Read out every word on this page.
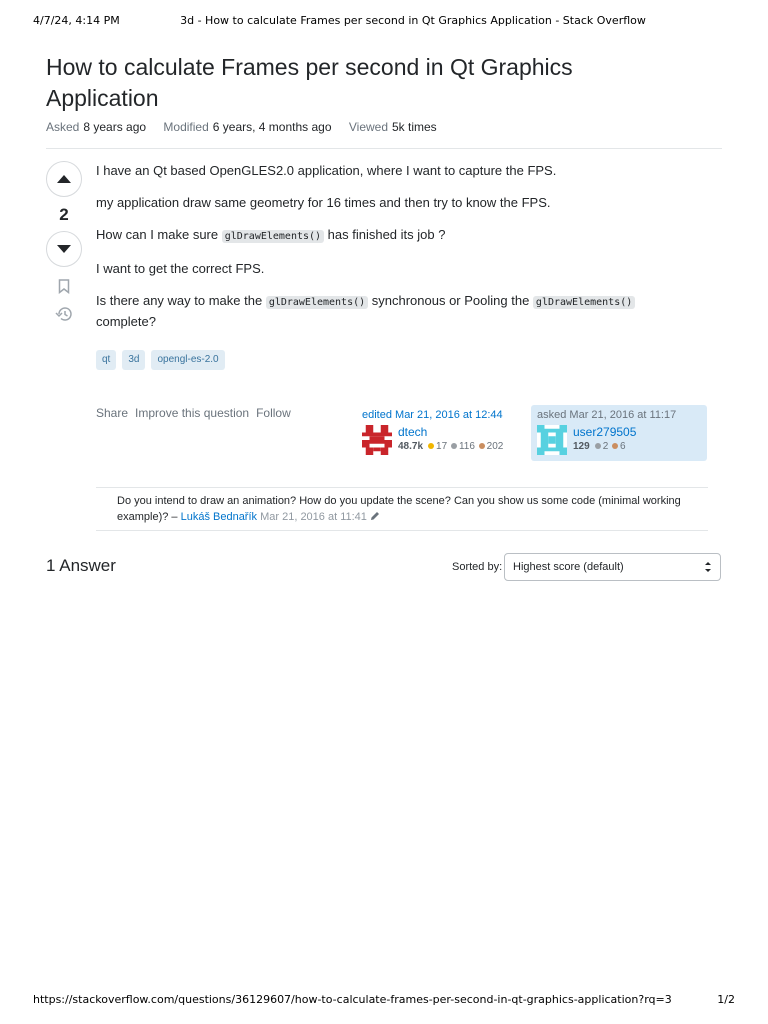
4/7/24, 4:14 PM	3d - How to calculate Frames per second in Qt Graphics Application - Stack Overflow
How to calculate Frames per second in Qt Graphics Application
Asked 8 years ago Modified 6 years, 4 months ago Viewed 5k times
2

I have an Qt based OpenGLES2.0 application, where I want to capture the FPS.

my application draw same geometry for 16 times and then try to know the FPS.

How can I make sure glDrawElements() has finished its job ?

I want to get the correct FPS.

Is there any way to make the glDrawElements() synchronous or Pooling the glDrawElements() complete?

qt	3d	opengl-es-2.0
Share Improve this question Follow	edited Mar 21, 2016 at 12:44
dtech
48.7k 17 116 202
asked Mar 21, 2016 at 11:17
user279505
129 2 6
Do you intend to draw an animation? How do you update the scene? Can you show us some code (minimal working example)? – Lukáš Bednařík Mar 21, 2016 at 11:41
1 Answer	Sorted by: Highest score (default)
https://stackoverflow.com/questions/36129607/how-to-calculate-frames-per-second-in-qt-graphics-application?rq=3	1/2
